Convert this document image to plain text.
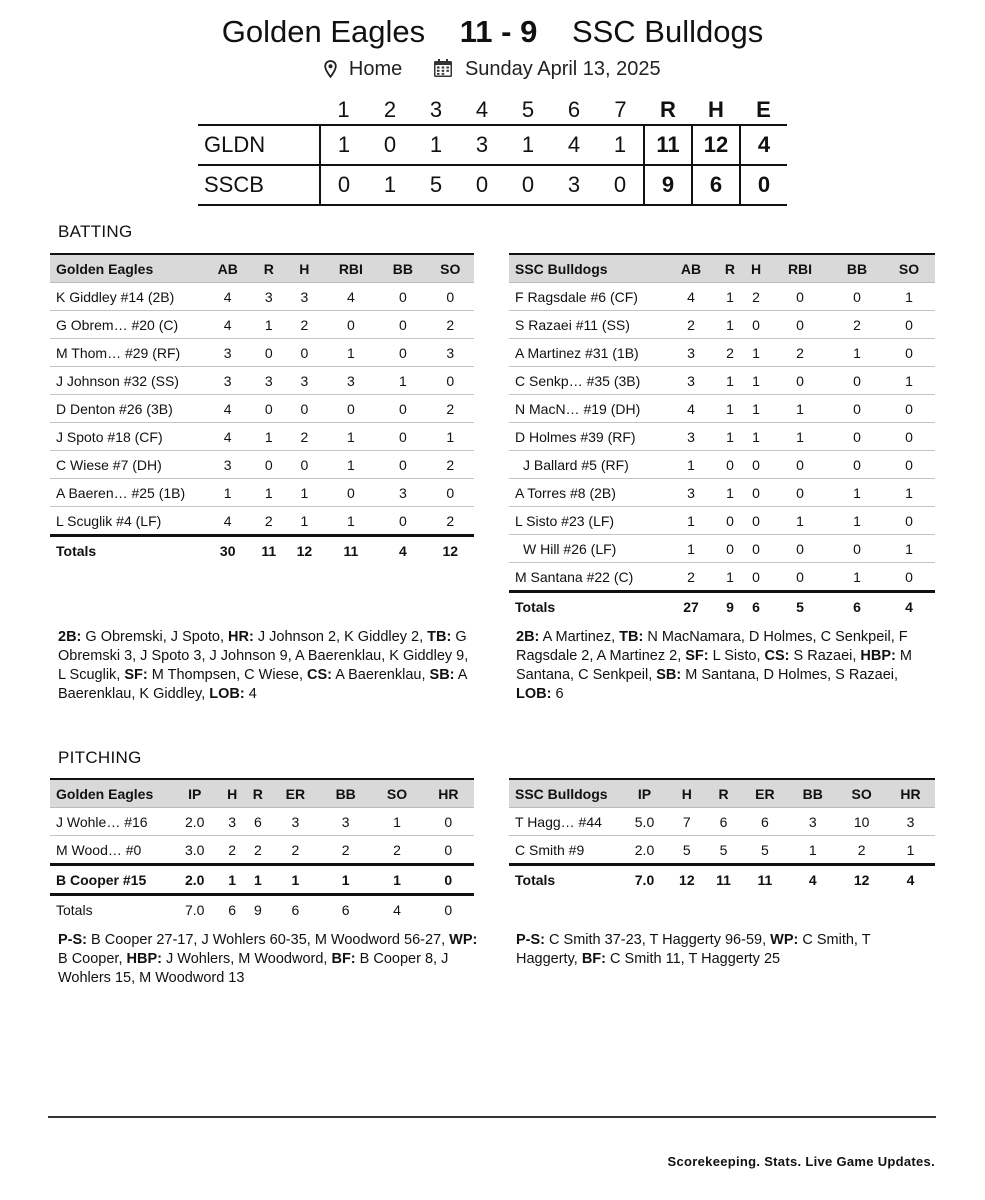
Golden Eagles 11 - 9 SSC Bulldogs
Home	Sunday April 13, 2025
	1	2	3	4	5	6	7	R	H	E
GLDN	1	0	1	3	1	4	1	11	12	4
SSCB	0	1	5	0	0	3	0	9	6	0
BATTING
Golden Eagles	AB	R	H	RBI	BB	SO
K Giddley #14 (2B)	4	3	3	4	0	0
G Obrem… #20 (C)	4	1	2	0	0	2
M Thom… #29 (RF)	3	0	0	1	0	3
J Johnson #32 (SS)	3	3	3	3	1	0
D Denton #26 (3B)	4	0	0	0	0	2
J Spoto #18 (CF)	4	1	2	1	0	1
C Wiese #7 (DH)	3	0	0	1	0	2
A Baeren… #25 (1B)	1	1	1	0	3	0
L Scuglik #4 (LF)	4	2	1	1	0	2
Totals	30	11	12	11	4	12
SSC Bulldogs	AB	R	H	RBI	BB	SO
F Ragsdale #6 (CF)	4	1	2	0	0	1
S Razaei #11 (SS)	2	1	0	0	2	0
A Martinez #31 (1B)	3	2	1	2	1	0
C Senkp… #35 (3B)	3	1	1	0	0	1
N MacN… #19 (DH)	4	1	1	1	0	0
D Holmes #39 (RF)	3	1	1	1	0	0
J Ballard #5 (RF)	1	0	0	0	0	0
A Torres #8 (2B)	3	1	0	0	1	1
L Sisto #23 (LF)	1	0	0	1	1	0
W Hill #26 (LF)	1	0	0	0	0	1
M Santana #22 (C)	2	1	0	0	1	0
Totals	27	9	6	5	6	4
2B: G Obremski, J Spoto, HR: J Johnson 2, K Giddley 2, TB: G Obremski 3, J Spoto 3, J Johnson 9, A Baerenklau, K Giddley 9, L Scuglik, SF: M Thompsen, C Wiese, CS: A Baerenklau, SB: A Baerenklau, K Giddley, LOB: 4
2B: A Martinez, TB: N MacNamara, D Holmes, C Senkpeil, F Ragsdale 2, A Martinez 2, SF: L Sisto, CS: S Razaei, HBP: M Santana, C Senkpeil, SB: M Santana, D Holmes, S Razaei, LOB: 6
PITCHING
Golden Eagles	IP	H	R	ER	BB	SO	HR
J Wohle… #16	2.0	3	6	3	3	1	0
M Wood… #0	3.0	2	2	2	2	2	0
B Cooper #15	2.0	1	1	1	1	1	0
Totals	7.0	6	9	6	6	4	0
SSC Bulldogs	IP	H	R	ER	BB	SO	HR
T Hagg… #44	5.0	7	6	6	3	10	3
C Smith #9	2.0	5	5	5	1	2	1
Totals	7.0	12	11	11	4	12	4
P-S: B Cooper 27-17, J Wohlers 60-35, M Woodword 56-27, WP: B Cooper, HBP: J Wohlers, M Woodword, BF: B Cooper 8, J Wohlers 15, M Woodword 13
P-S: C Smith 37-23, T Haggerty 96-59, WP: C Smith, T Haggerty, BF: C Smith 11, T Haggerty 25
Scorekeeping. Stats. Live Game Updates.
